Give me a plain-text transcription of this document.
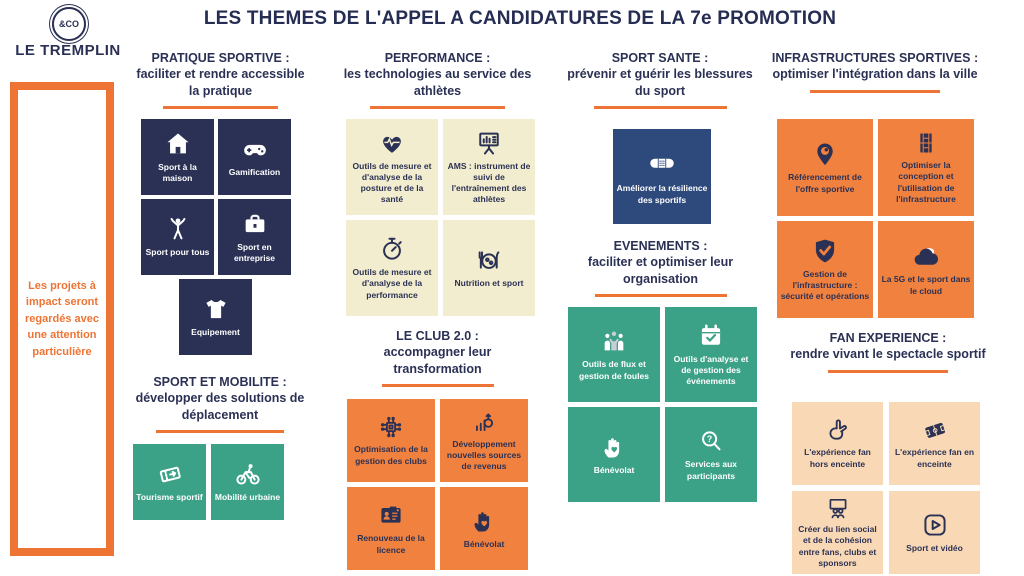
&CO
LE TREMPLIN
LES THEMES DE L'APPEL A CANDIDATURES DE LA 7e PROMOTION

Les projets à impact seront regardés avec une attention particulière

PRATIQUE SPORTIVE :
faciliter et rendre accessible la pratique
Sport à la maison
Gamification
Sport pour tous
Sport en entreprise
Equipement
SPORT ET MOBILITE :
développer des solutions de déplacement
Tourisme sportif Mobilité urbaine
PERFORMANCE :
les technologies au service des athlètes
Outils de mesure et d'analyse de la posture et de la santé
AMS : instrument de suivi de l'entraînement des athlètes
Outils de mesure et d'analyse de la performance
Nutrition et sport
LE CLUB 2.0 :
accompagner leur transformation
Optimisation de la gestion des clubs
Développement nouvelles sources de revenus
Renouveau de la licence
Bénévolat
SPORT SANTE :
prévenir et guérir les blessures du sport
Améliorer la résilience des sportifs
EVENEMENTS :
faciliter et optimiser leur organisation
Outils de flux et gestion de foules
Outils d'analyse et de gestion des événements
Bénévolat
?
Services aux participants
INFRASTRUCTURES SPORTIVES :
optimiser l'intégration dans la ville
Référencement de l'offre sportive
Optimiser la conception et l'utilisation de l'infrastructure
Gestion de l'infrastructure : sécurité et opérations
La 5G et le sport dans le cloud
FAN EXPERIENCE :
rendre vivant le spectacle sportif
L'expérience fan hors enceinte
L'expérience fan en enceinte
Créer du lien social et de la cohésion entre fans, clubs et sponsors
Sport et vidéo
